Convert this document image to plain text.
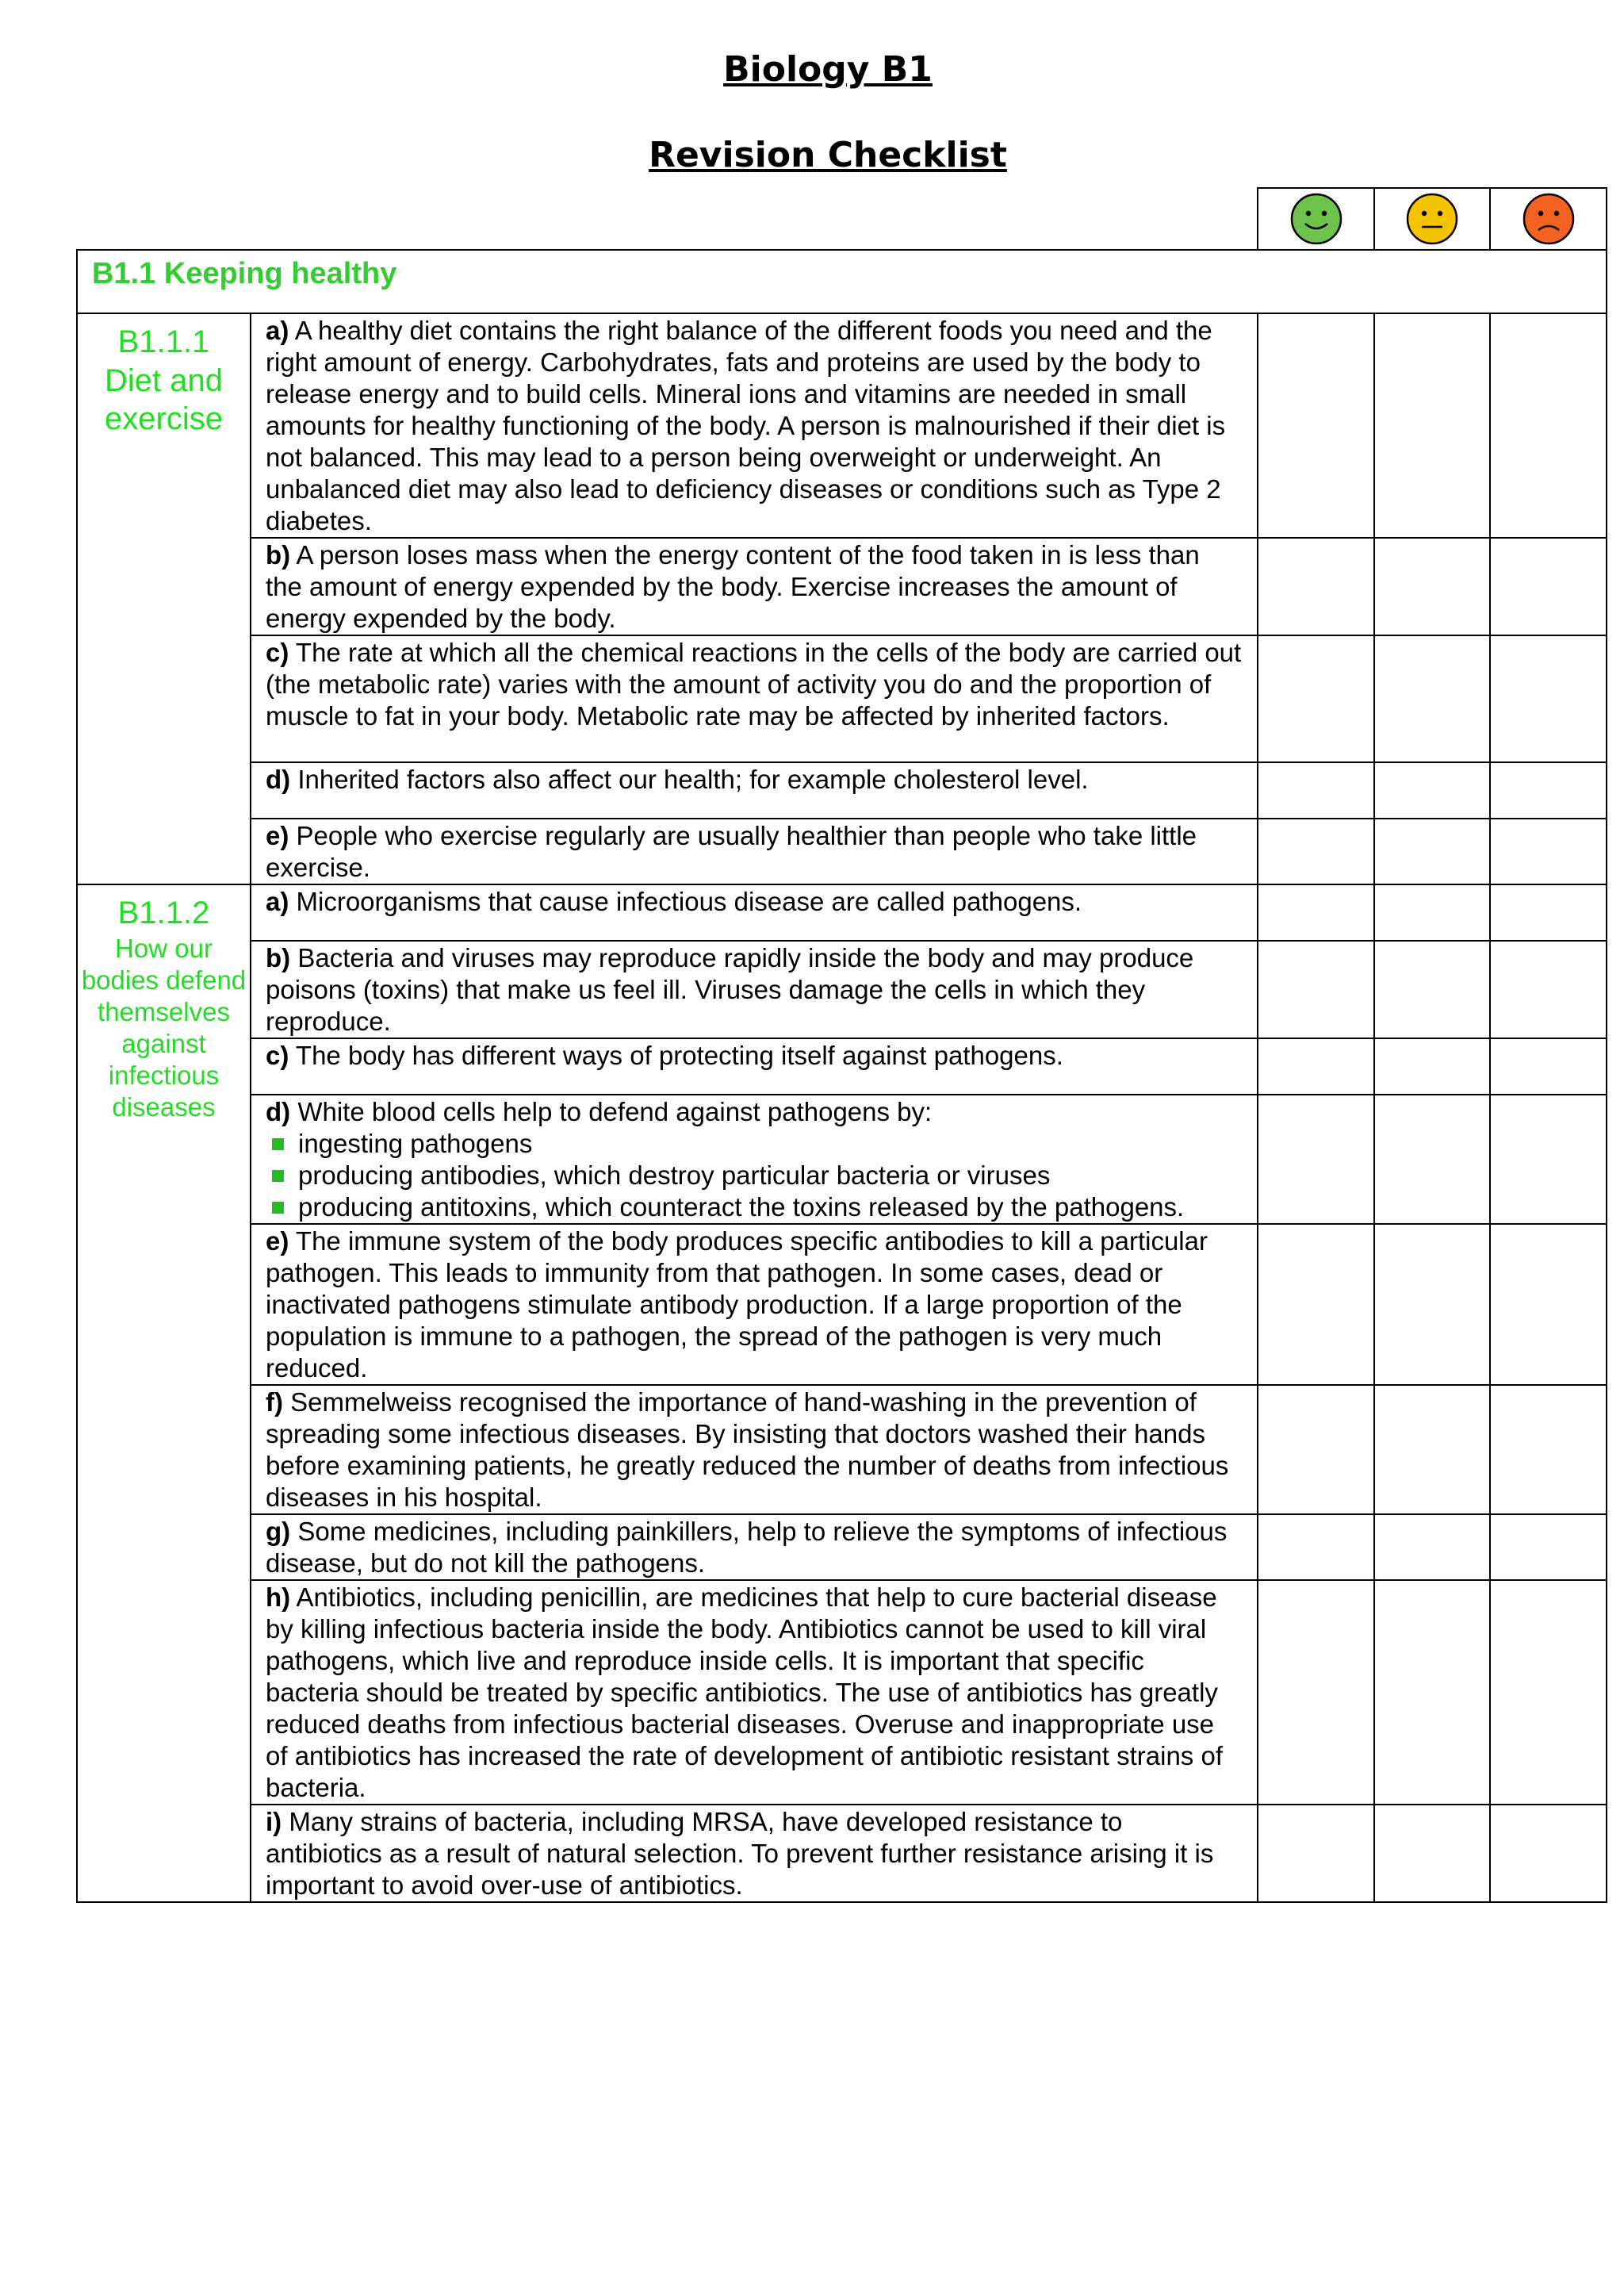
Biology B1
Revision Checklist

B1.1 Keeping healthy				

B1.1.1
Diet and exercise	a) A healthy diet contains the right balance of the different foods you need and the right amount of energy. Carbohydrates, fats and proteins are used by the body to release energy and to build cells. Mineral ions and vitamins are needed in small amounts for healthy functioning of the body. A person is malnourished if their diet is not balanced. This may lead to a person being overweight or underweight. An unbalanced diet may also lead to deficiency diseases or conditions such as Type 2 diabetes.			
	b) A person loses mass when the energy content of the food taken in is less than the amount of energy expended by the body. Exercise increases the amount of energy expended by the body.			
	c) The rate at which all the chemical reactions in the cells of the body are carried out (the metabolic rate) varies with the amount of activity you do and the proportion of muscle to fat in your body. Metabolic rate may be affected by inherited factors.			
	d) Inherited factors also affect our health; for example cholesterol level.			
	e) People who exercise regularly are usually healthier than people who take little exercise.			

B1.1.2
How our bodies defend themselves against infectious diseases	a) Microorganisms that cause infectious disease are called pathogens.			
	b) Bacteria and viruses may reproduce rapidly inside the body and may produce poisons (toxins) that make us feel ill. Viruses damage the cells in which they reproduce.			
	c) The body has different ways of protecting itself against pathogens.			
	d) White blood cells help to defend against pathogens by:
ingesting pathogens
producing antibodies, which destroy particular bacteria or viruses
producing antitoxins, which counteract the toxins released by the pathogens.			

	e) The immune system of the body produces specific antibodies to kill a particular pathogen. This leads to immunity from that pathogen. In some cases, dead or inactivated pathogens stimulate antibody production. If a large proportion of the population is immune to a pathogen, the spread of the pathogen is very much reduced.			
	f) Semmelweiss recognised the importance of hand-washing in the prevention of spreading some infectious diseases. By insisting that doctors washed their hands before examining patients, he greatly reduced the number of deaths from infectious diseases in his hospital.			
	g) Some medicines, including painkillers, help to relieve the symptoms of infectious disease, but do not kill the pathogens.			
	h) Antibiotics, including penicillin, are medicines that help to cure bacterial disease by killing infectious bacteria inside the body. Antibiotics cannot be used to kill viral pathogens, which live and reproduce inside cells. It is important that specific bacteria should be treated by specific antibiotics. The use of antibiotics has greatly reduced deaths from infectious bacterial diseases. Overuse and inappropriate use of antibiotics has increased the rate of development of antibiotic resistant strains of bacteria.			
	i) Many strains of bacteria, including MRSA, have developed resistance to antibiotics as a result of natural selection. To prevent further resistance arising it is important to avoid over-use of antibiotics.			
